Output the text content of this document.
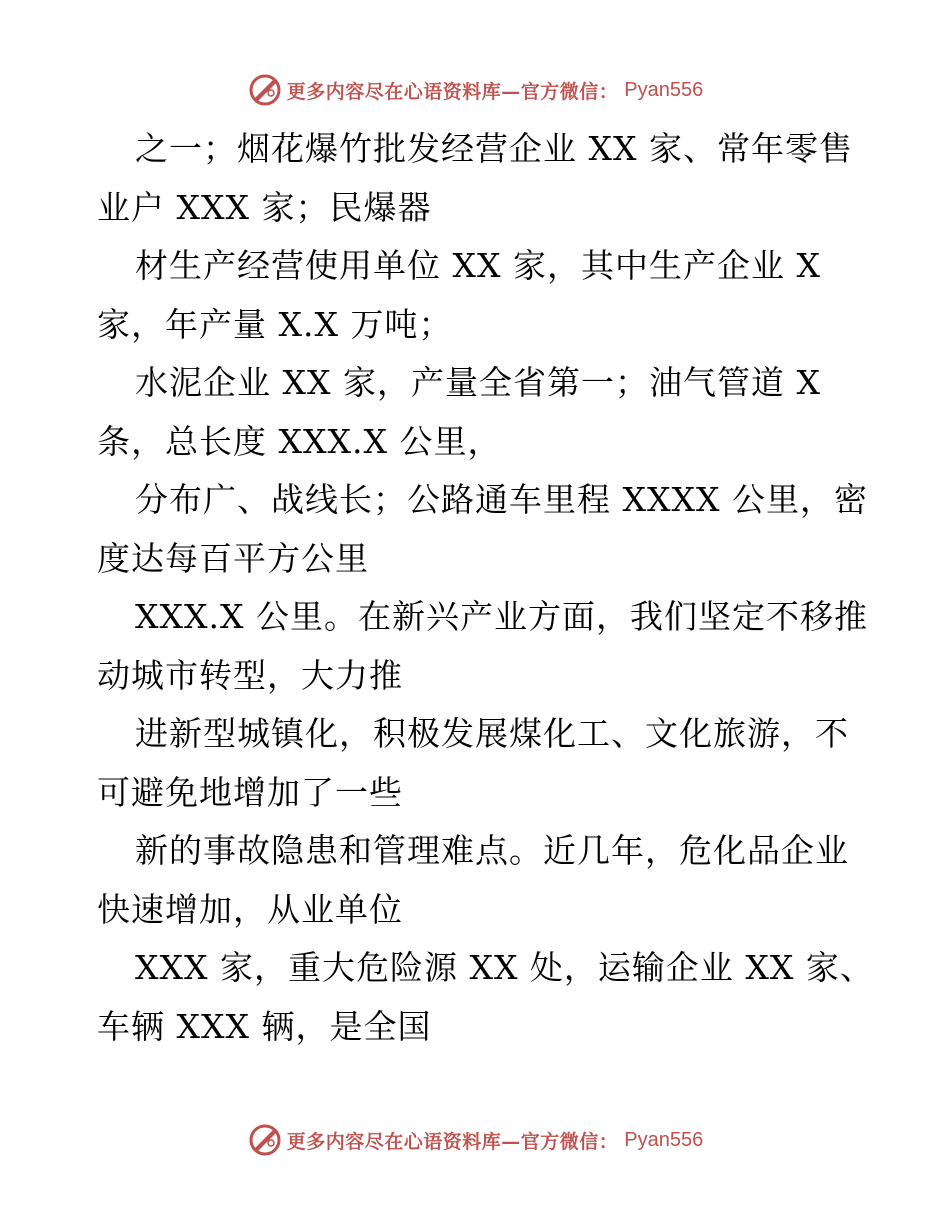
更多内容尽在心语资料库—官方微信： Pyan556
之一；烟花爆竹批发经营企业 XX 家、常年零售
业户 XXX 家；民爆器
材生产经营使用单位 XX 家，其中生产企业 X
家，年产量 X.X 万吨；
水泥企业 XX 家，产量全省第一；油气管道 X
条，总长度 XXX.X 公里，
分布广、战线长；公路通车里程 XXXX 公里，密
度达每百平方公里
XXX.X 公里。在新兴产业方面，我们坚定不移推
动城市转型，大力推
进新型城镇化，积极发展煤化工、文化旅游，不
可避免地增加了一些
新的事故隐患和管理难点。近几年，危化品企业
快速增加，从业单位
XXX 家，重大危险源 XX 处，运输企业 XX 家、
车辆 XXX 辆，是全国
更多内容尽在心语资料库—官方微信： Pyan556
